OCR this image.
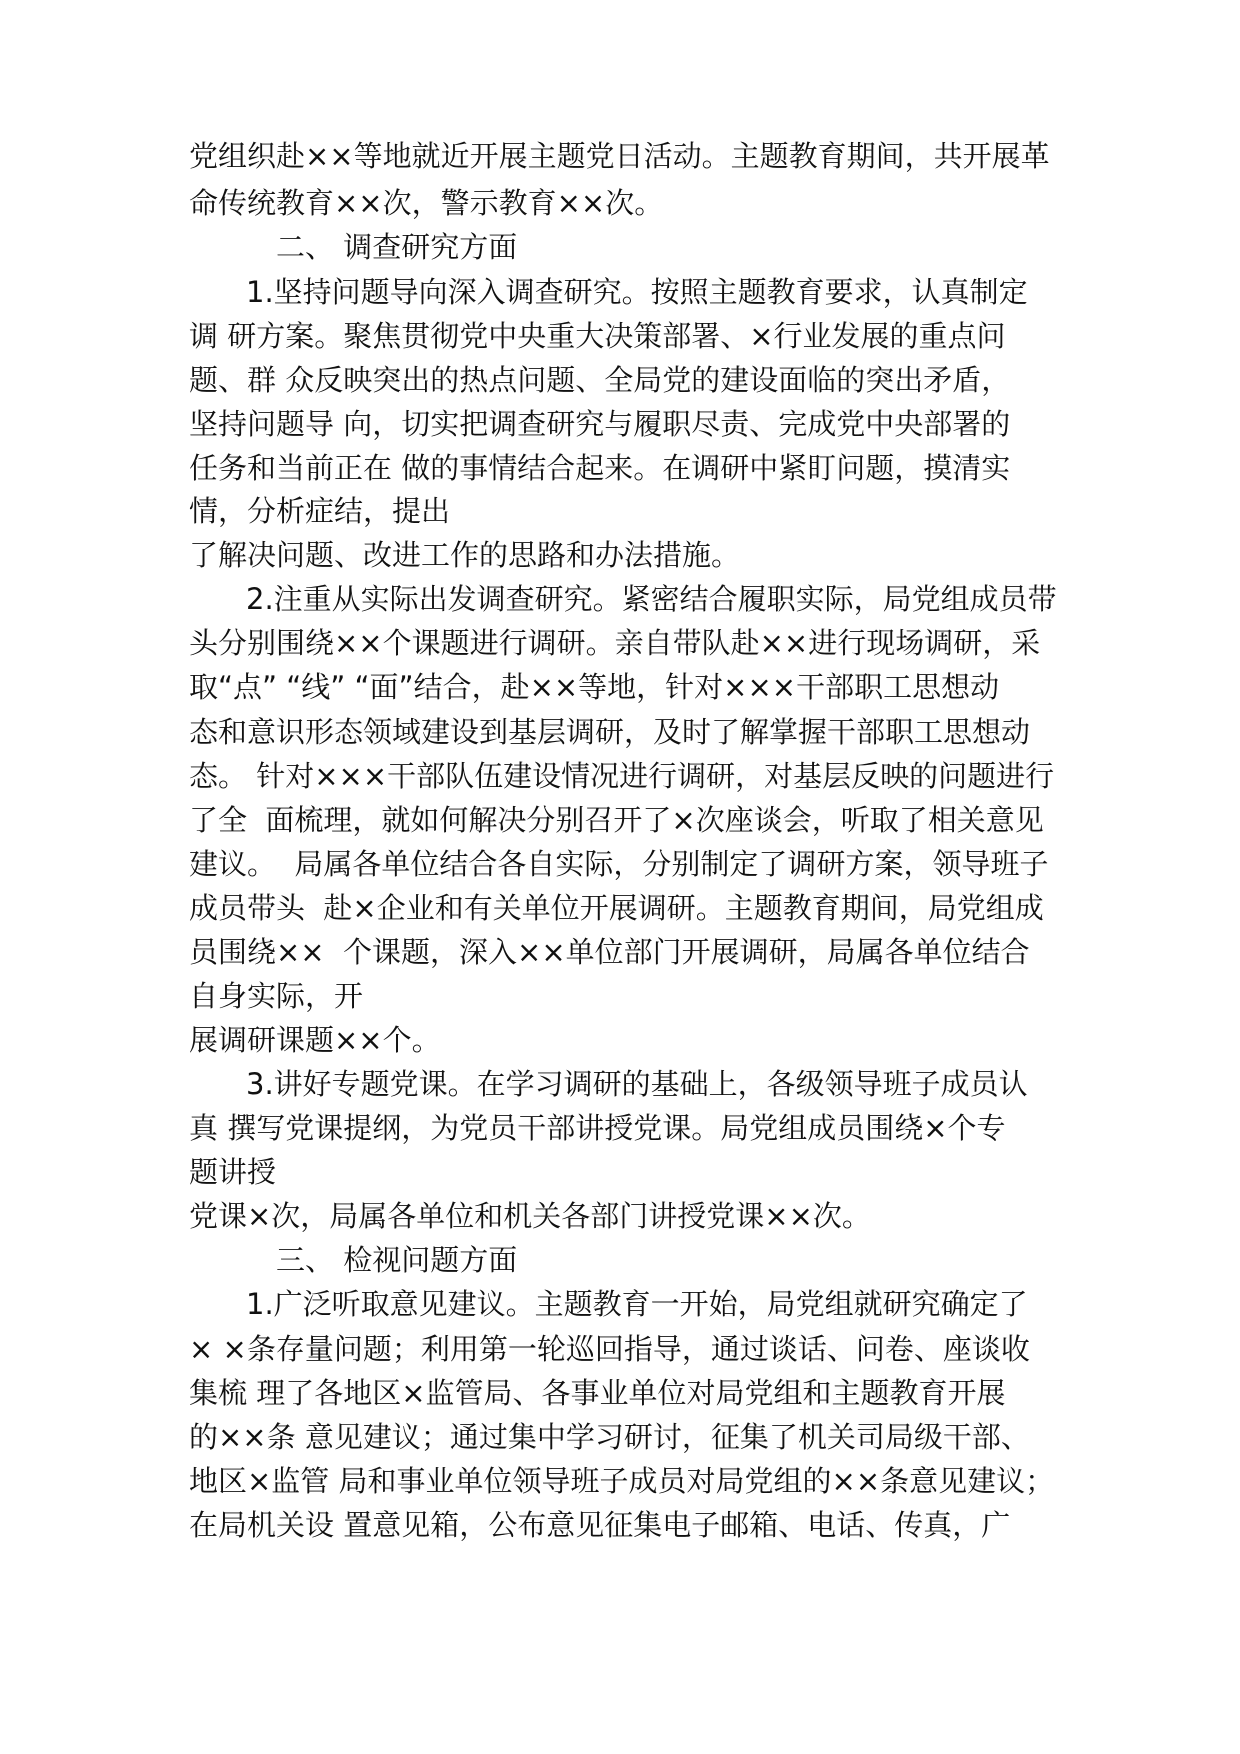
党组织赴××等地就近开展主题党日活动。主题教育期间，共开展革
命传统教育××次，警示教育××次。
二、 调查研究方面
1.坚持问题导向深入调查研究。按照主题教育要求，认真制定
调 研方案。聚焦贯彻党中央重大决策部署、×行业发展的重点问
题、群 众反映突出的热点问题、全局党的建设面临的突出矛盾，
坚持问题导 向，切实把调查研究与履职尽责、完成党中央部署的
任务和当前正在 做的事情结合起来。在调研中紧盯问题，摸清实
情，分析症结，提出
了解决问题、改进工作的思路和办法措施。
2.注重从实际出发调查研究。紧密结合履职实际，局党组成员带
头分别围绕××个课题进行调研。亲自带队赴××进行现场调研，采
取“点” “线” “面”结合，赴××等地，针对×××干部职工思想动
态和意识形态领域建设到基层调研，及时了解掌握干部职工思想动
态。 针对×××干部队伍建设情况进行调研，对基层反映的问题进行
了全  面梳理，就如何解决分别召开了×次座谈会，听取了相关意见
建议。  局属各单位结合各自实际，分别制定了调研方案，领导班子
成员带头  赴×企业和有关单位开展调研。主题教育期间，局党组成
员围绕××  个课题，深入××单位部门开展调研，局属各单位结合
自身实际，开
展调研课题××个。
3.讲好专题党课。在学习调研的基础上，各级领导班子成员认
真 撰写党课提纲，为党员干部讲授党课。局党组成员围绕×个专
题讲授
党课×次，局属各单位和机关各部门讲授党课××次。
三、 检视问题方面
1.广泛听取意见建议。主题教育一开始，局党组就研究确定了
× ×条存量问题；利用第一轮巡回指导，通过谈话、问卷、座谈收
集梳 理了各地区×监管局、各事业单位对局党组和主题教育开展
的××条 意见建议；通过集中学习研讨，征集了机关司局级干部、
地区×监管 局和事业单位领导班子成员对局党组的××条意见建议；
在局机关设 置意见箱，公布意见征集电子邮箱、电话、传真，广
